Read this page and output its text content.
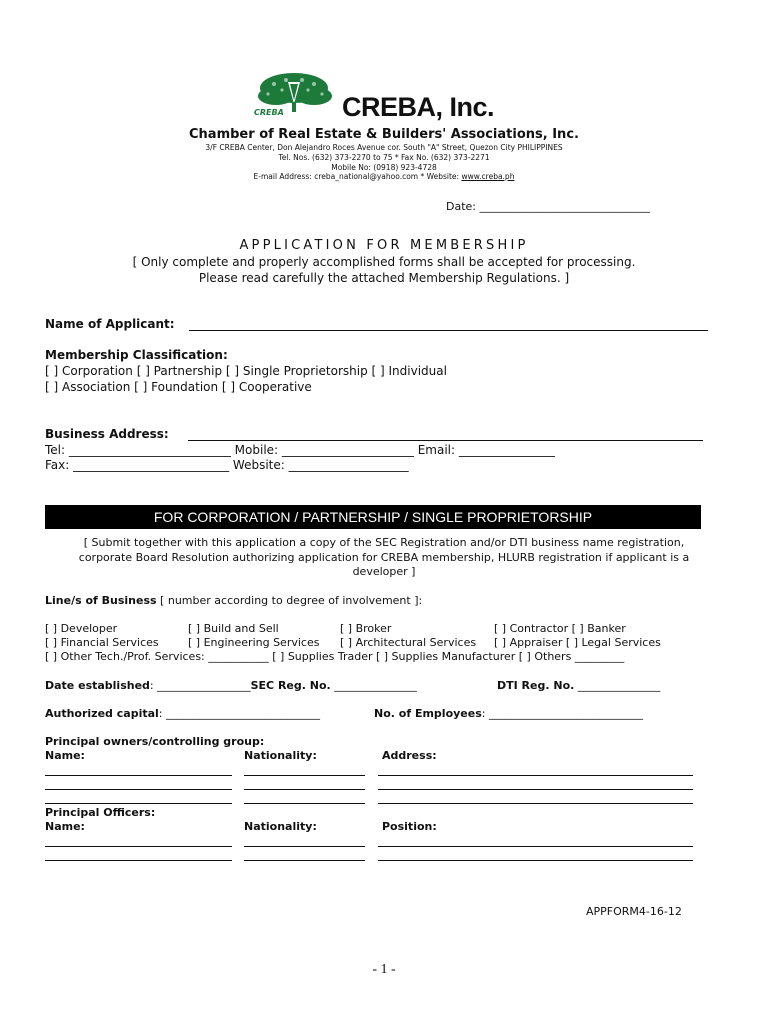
CREBA CREBA, Inc.
Chamber of Real Estate & Builders' Associations, Inc.
3/F CREBA Center, Don Alejandro Roces Avenue cor. South "A" Street, Quezon City PHILIPPINES
Tel. Nos. (632) 373-2270 to 75 * Fax No. (632) 373-2271
Mobile No: (0918) 923-4728
E-mail Address: creba_national@yahoo.com * Website: www.creba.ph
Date: _______________________________
APPLICATION FOR MEMBERSHIP
[ Only complete and properly accomplished forms shall be accepted for processing.
Please read carefully the attached Membership Regulations. ]
Name of Applicant:
Membership Classification:
[ ] Corporation [ ] Partnership [ ] Single Proprietorship [ ] Individual
[ ] Association [ ] Foundation [ ] Cooperative
Business Address:
Tel: ___________________________ Mobile: ______________________ Email: ________________
Fax: __________________________ Website: ____________________
FOR CORPORATION / PARTNERSHIP / SINGLE PROPRIETORSHIP
[ Submit together with this application a copy of the SEC Registration and/or DTI business name registration,
corporate Board Resolution authorizing application for CREBA membership, HLURB registration if applicant is a
developer ]
Line/s of Business [ number according to degree of involvement ]:
[ ] Developer	[ ] Build and Sell	[ ] Broker	[ ] Contractor [ ] Banker
[ ] Financial Services	[ ] Engineering Services [ ] Architectural Services [ ] Appraiser [ ] Legal Services
[ ] Other Tech./Prof. Services: ___________ [ ] Supplies Trader [ ] Supplies Manufacturer [ ] Others _________
Date established: _________________SEC Reg. No. _______________	DTI Reg. No. _______________
Authorized capital: ____________________________	No. of Employees: ____________________________
Principal owners/controlling group:
Name:	Nationality:	Address:
Principal Officers:
Name:	Nationality:	Position:
APPFORM4-16-12
- 1 -
